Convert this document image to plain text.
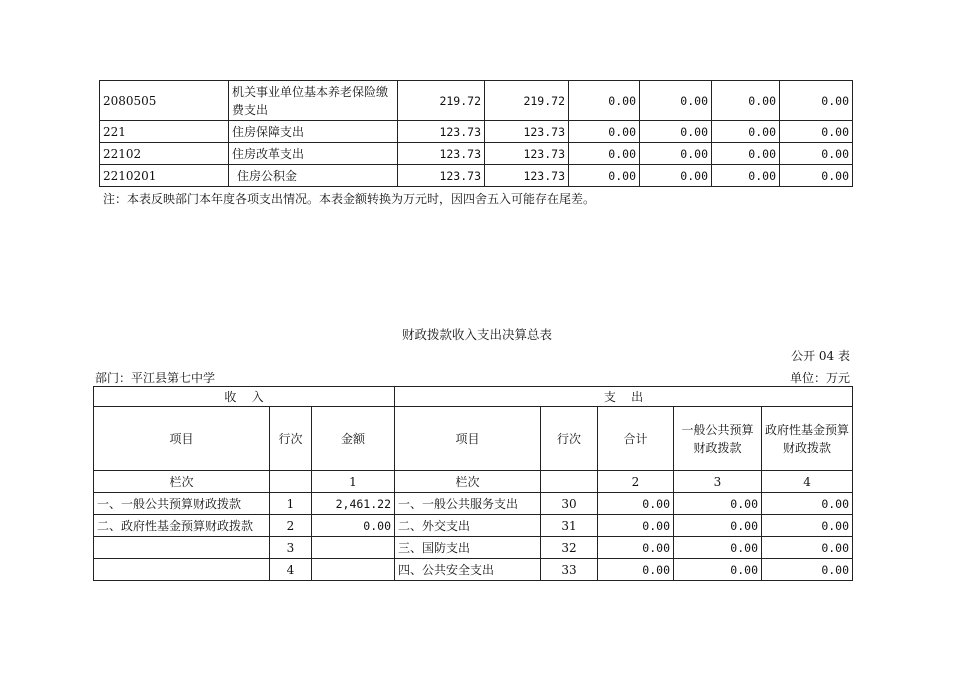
2080505	机关事业单位基本养老保险缴费支出	219.72	219.72	0.00	0.00	0.00	0.00
221	住房保障支出	123.73	123.73	0.00	0.00	0.00	0.00
22102	住房改革支出	123.73	123.73	0.00	0.00	0.00	0.00
2210201	住房公积金	123.73	123.73	0.00	0.00	0.00	0.00
注：本表反映部门本年度各项支出情况。本表金额转换为万元时，因四舍五入可能存在尾差。
财政拨款收入支出决算总表
公开 04 表
部门：平江县第七中学	单位：万元
收    入			支    出				
项目	行次	金额	项目	行次	合计	一般公共预算财政拨款	政府性基金预算财政拨款
栏次		1	栏次		2	3	4
一、一般公共预算财政拨款	1	2,461.22	一、一般公共服务支出	30	0.00	0.00	0.00
二、政府性基金预算财政拨款	2	0.00	二、外交支出	31	0.00	0.00	0.00
	3		三、国防支出	32	0.00	0.00	0.00
	4		四、公共安全支出	33	0.00	0.00	0.00
